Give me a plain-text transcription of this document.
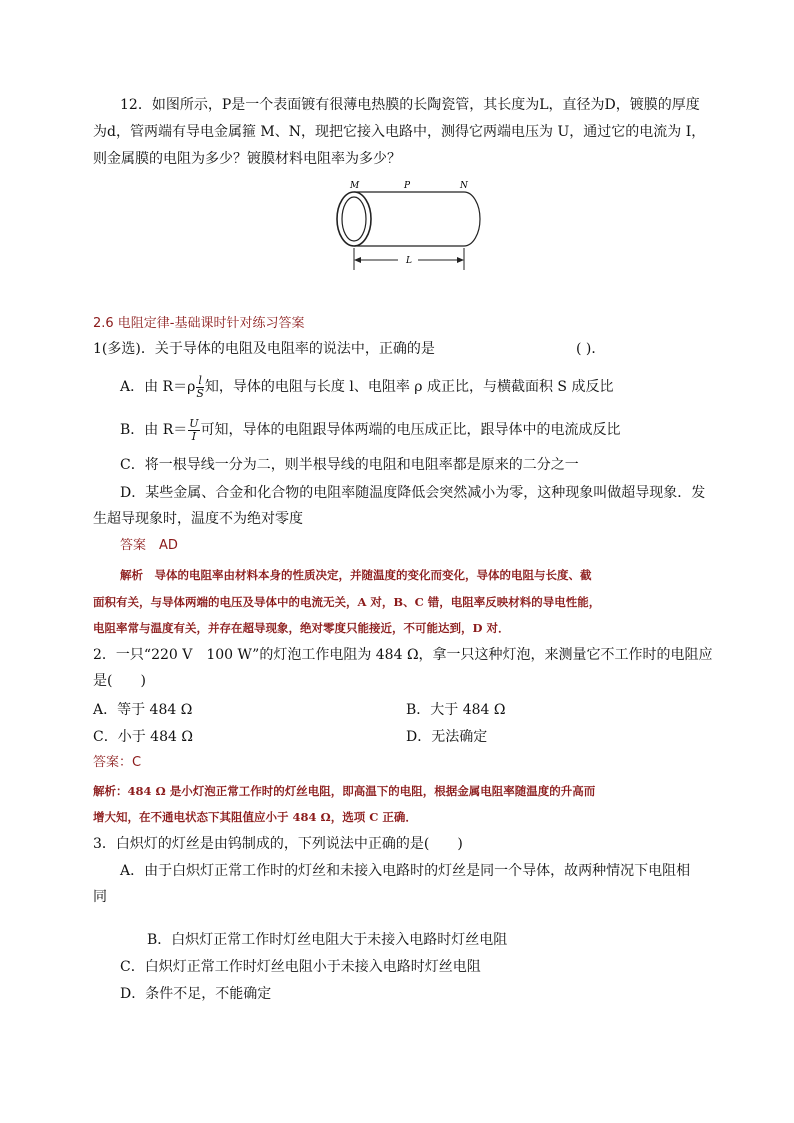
12．如图所示，P是一个表面镀有很薄电热膜的长陶瓷管，其长度为L，直径为D，镀膜的厚度
为d，管两端有导电金属箍 M、N，现把它接入电路中，测得它两端电压为 U，通过它的电流为 I，
则金属膜的电阻为多少？镀膜材料电阻率为多少？
M	P	N
L
2.6 电阻定律-基础课时针对练习答案
1(多选)．关于导体的电阻及电阻率的说法中，正确的是	( )．
A．由 $R=\rho \frac{l}{S}$ 知，导体的电阻与长度 l、电阻率 ρ 成正比，与横截面积 S 成反比
B．由 $R= \frac{U}{I}$ 可知，导体的电阻跟导体两端的电压成正比，跟导体中的电流成反比
C．将一根导线一分为二，则半根导线的电阻和电阻率都是原来的二分之一
D．某些金属、合金和化合物的电阻率随温度降低会突然减小为零，这种现象叫做超导现象．发
生超导现象时，温度不为绝对零度
答案　AD
解析　导体的电阻率由材料本身的性质决定，并随温度的变化而变化，导体的电阻与长度、截
面积有关，与导体两端的电压及导体中的电流无关，A 对，B、C 错，电阻率反映材料的导电性能，
电阻率常与温度有关，并存在超导现象，绝对零度只能接近，不可能达到，D 对．
2．一只“220 V　100 W”的灯泡工作电阻为 484 Ω，拿一只这种灯泡，来测量它不工作时的电阻应
是(　　)
A．等于 484 Ω	B．大于 484 Ω
C．小于 484 Ω	D．无法确定
答案：C
解析：484 Ω 是小灯泡正常工作时的灯丝电阻，即高温下的电阻，根据金属电阻率随温度的升高而
增大知，在不通电状态下其阻值应小于 484 Ω，选项 C 正确．
3．白炽灯的灯丝是由钨制成的，下列说法中正确的是(　　)
A．由于白炽灯正常工作时的灯丝和未接入电路时的灯丝是同一个导体，故两种情况下电阻相
同
B．白炽灯正常工作时灯丝电阻大于未接入电路时灯丝电阻
C．白炽灯正常工作时灯丝电阻小于未接入电路时灯丝电阻
D．条件不足，不能确定
